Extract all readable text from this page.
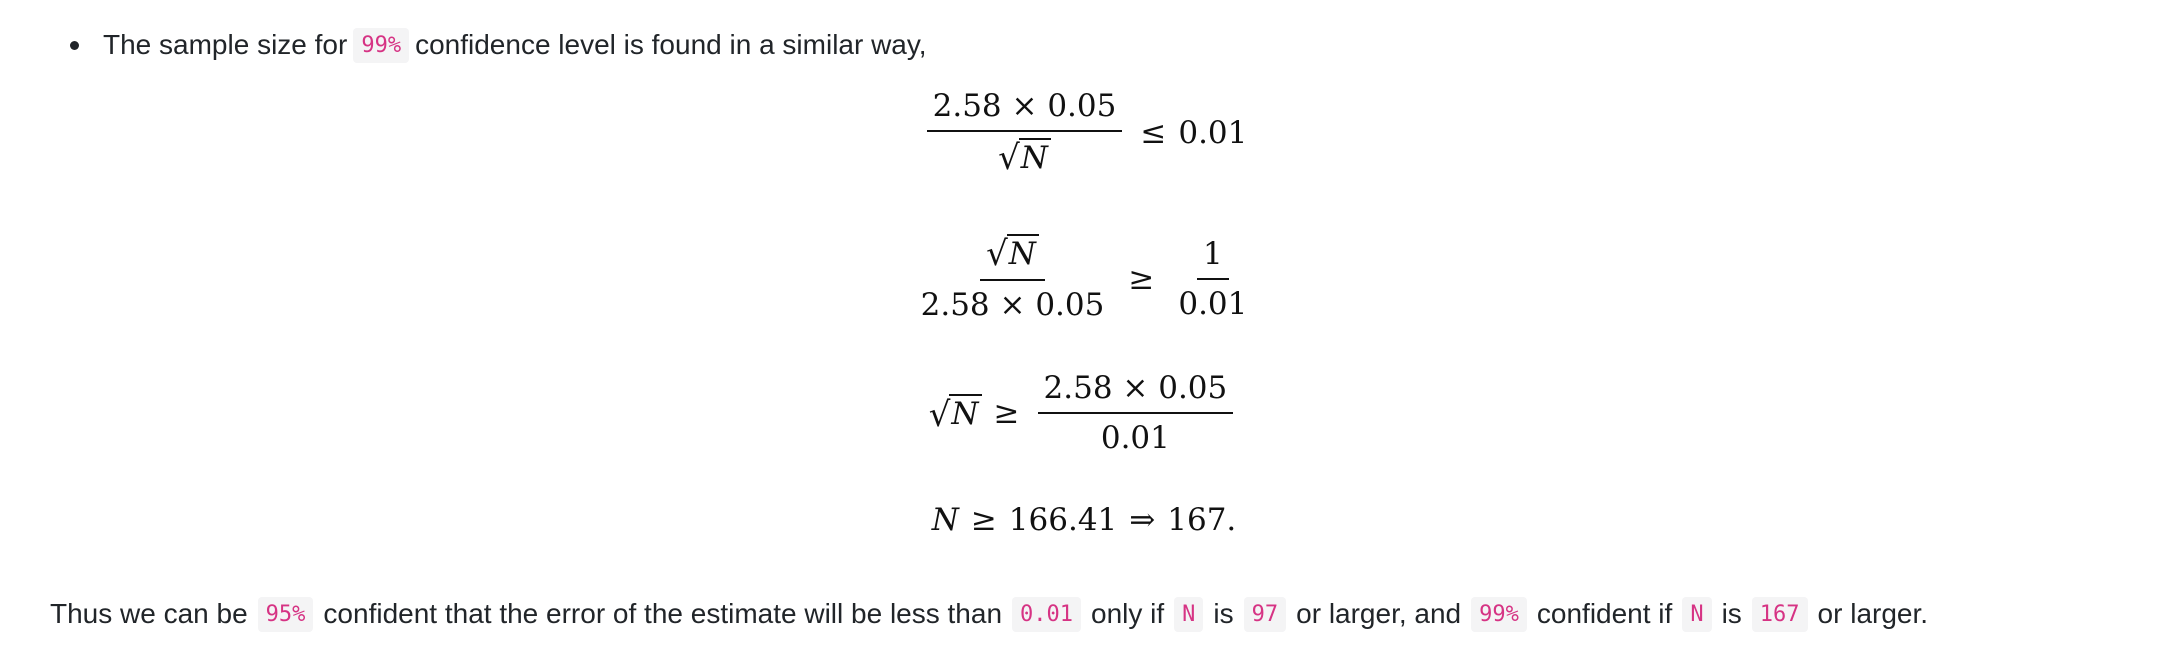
The sample size for 99% confidence level is found in a similar way,
$\frac{2.58 \times 0.05}{√ N} \le 0.01$
$\frac{√ N}{2.58 \times 0.05} \ge \frac{1}{0.01}$
√ $N \ge \frac{2.58 \times 0.05}{0.01}$
N ≥ 166.41 ⇒ 167.
Thus we can be 95% confident that the error of the estimate will be less than 0.01 only if N is 97 or larger, and 99% confident if N is 167 or larger.
